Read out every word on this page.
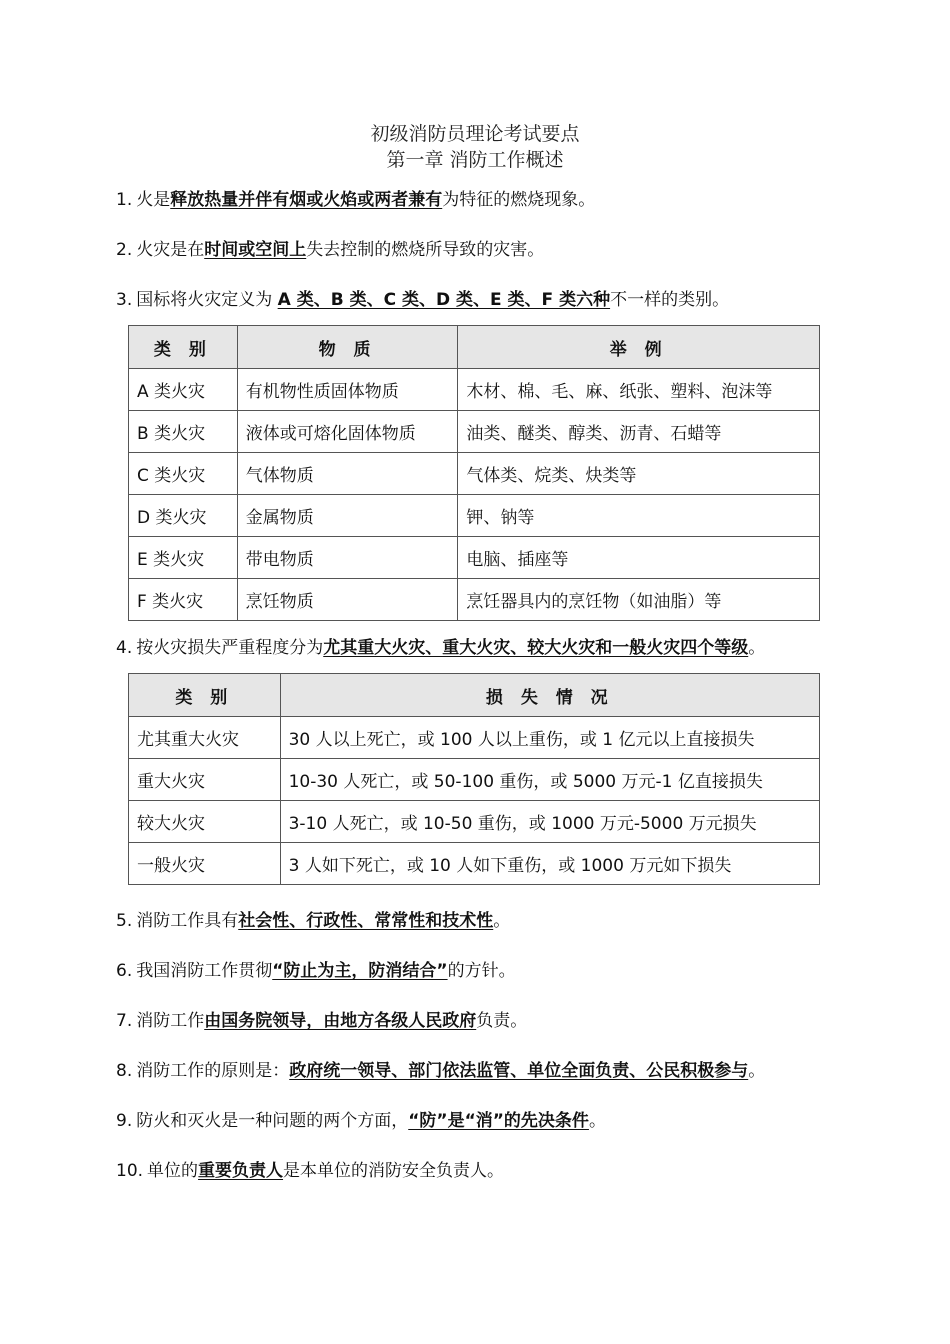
初级消防员理论考试要点
第一章 消防工作概述
1. 火是释放热量并伴有烟或火焰或两者兼有为特征的燃烧现象。
2. 火灾是在时间或空间上失去控制的燃烧所导致的灾害。
3. 国标将火灾定义为 A 类、B 类、C 类、D 类、E 类、F 类六种不一样的类别。
类 别	物 质	举 例
A 类火灾	有机物性质固体物质	木材、棉、毛、麻、纸张、塑料、泡沫等
B 类火灾	液体或可熔化固体物质	油类、醚类、醇类、沥青、石蜡等
C 类火灾	气体物质	气体类、烷类、炔类等
D 类火灾	金属物质	钾、钠等
E 类火灾	带电物质	电脑、插座等
F 类火灾	烹饪物质	烹饪器具内的烹饪物（如油脂）等
4. 按火灾损失严重程度分为尤其重大火灾、重大火灾、较大火灾和一般火灾四个等级。
类 别	损 失 情 况
尤其重大火灾	30 人以上死亡，或 100 人以上重伤，或 1 亿元以上直接损失
重大火灾	10-30 人死亡，或 50-100 重伤，或 5000 万元-1 亿直接损失
较大火灾	3-10 人死亡，或 10-50 重伤，或 1000 万元-5000 万元损失
一般火灾	3 人如下死亡，或 10 人如下重伤，或 1000 万元如下损失
5. 消防工作具有社会性、行政性、常常性和技术性。
6. 我国消防工作贯彻“防止为主，防消结合”的方针。
7. 消防工作由国务院领导，由地方各级人民政府负责。
8. 消防工作的原则是：政府统一领导、部门依法监管、单位全面负责、公民积极参与。
9. 防火和灭火是一种问题的两个方面，“防”是“消”的先决条件。
10. 单位的重要负责人是本单位的消防安全负责人。
